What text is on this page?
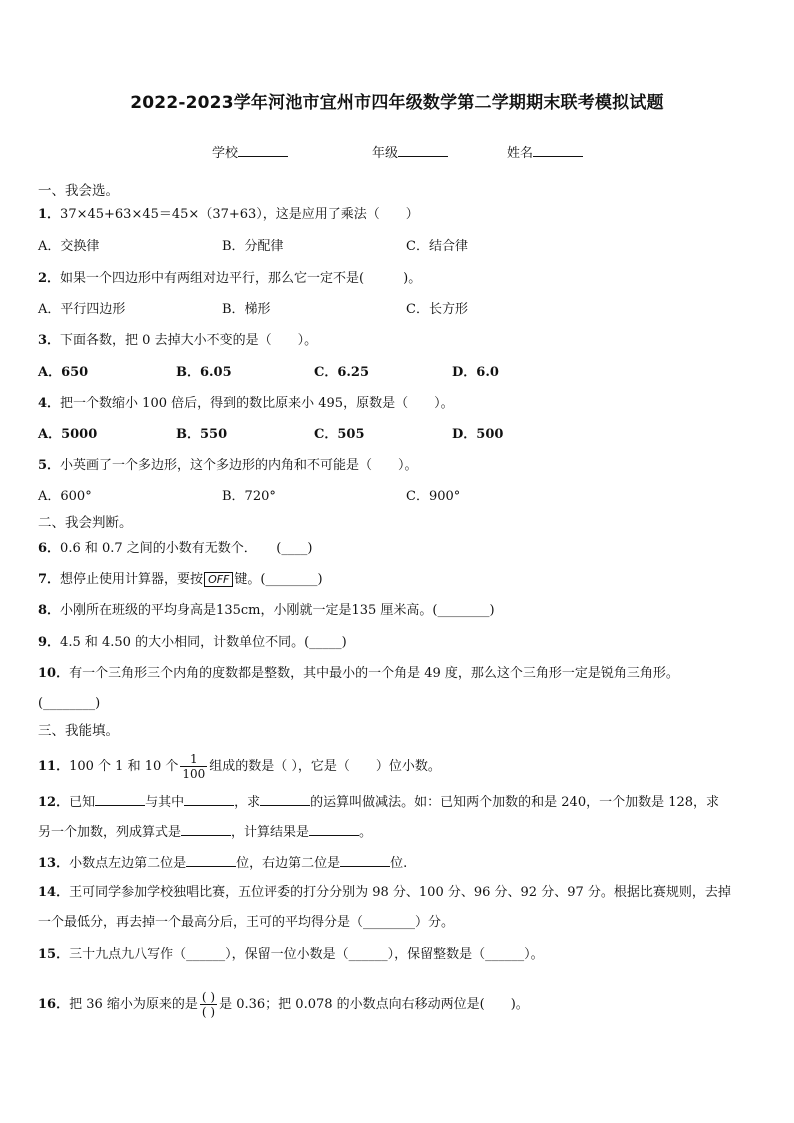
2022-2023学年河池市宜州市四年级数学第二学期期末联考模拟试题
学校	年级	姓名
一、我会选。
1．37×45+63×45＝45×（37+63），这是应用了乘法（　　）
A．交换律	B．分配律	C．结合律
2．如果一个四边形中有两组对边平行，那么它一定不是(　　　)。
A．平行四边形	B．梯形	C．长方形
3．下面各数，把 0 去掉大小不变的是（　　）。
A．650	B．6.05	C．6.25	D．6.0
4．把一个数缩小 100 倍后，得到的数比原来小 495，原数是（　　）。
A．5000	B．550	C．505	D．500
5．小英画了一个多边形，这个多边形的内角和不可能是（　　）。
A．600°	B．720°	C．900°
二、我会判断。
6．0.6 和 0.7 之间的小数有无数个．　　(____)
7．想停止使用计算器，要按 OFF 键。(________)
8．小刚所在班级的平均身高是135cm，小刚就一定是135 厘米高。(________)
9．4.5 和 4.50 的大小相同，计数单位不同。(_____)
10．有一个三角形三个内角的度数都是整数，其中最小的一个角是 49 度，那么这个三角形一定是锐角三角形。
(________)
三、我能填。
11．100 个 1 和 10 个 $\frac{1}{100}$ 组成的数是（ ），它是（　　）位小数。
12．已知	与其中	，求	的运算叫做减法。如：已知两个加数的和是 240，一个加数是 128，求
另一个加数，列成算式是	，计算结果是	。
13．小数点左边第二位是	位，右边第二位是	位.
14．王可同学参加学校独唱比赛，五位评委的打分分别为 98 分、100 分、96 分、92 分、97 分。根据比赛规则，去掉
一个最低分，再去掉一个最高分后，王可的平均得分是（________）分。
15．三十九点九八写作（______），保留一位小数是（______），保留整数是（______）。
16．把 36 缩小为原来的是 $\frac{( )}{( )}$ 是 0.36；把 0.078 的小数点向右移动两位是(　　)。
